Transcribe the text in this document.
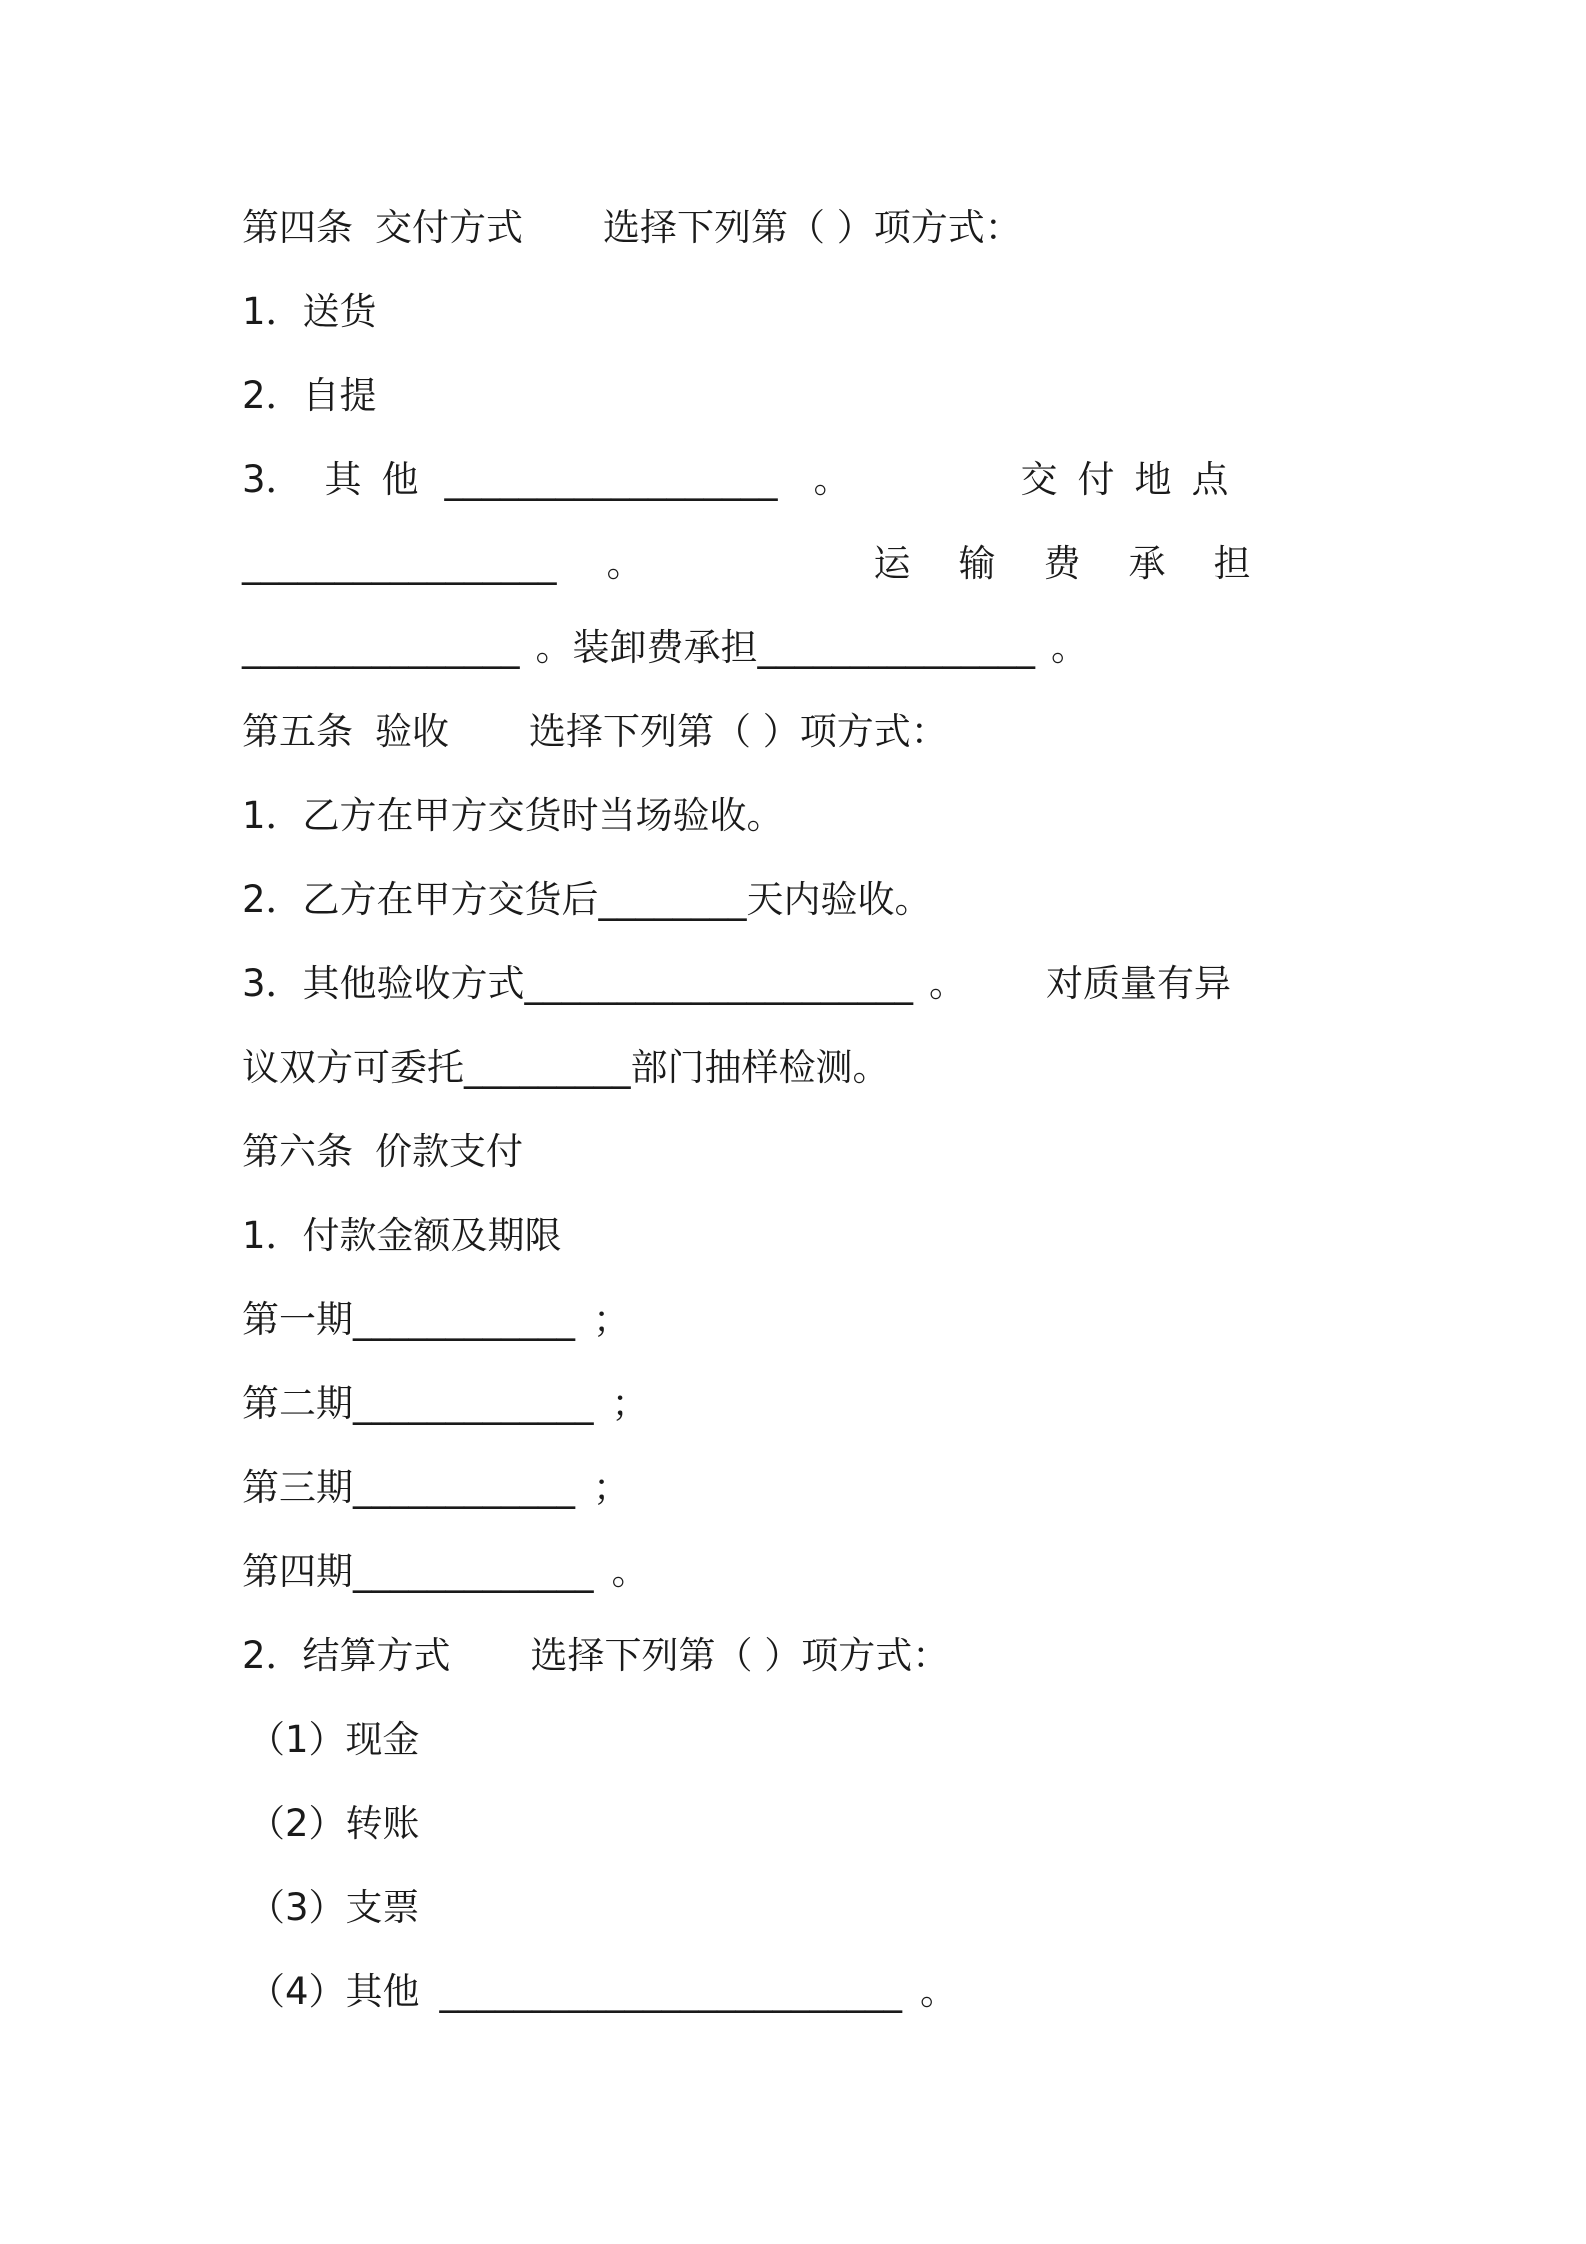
第四条 交付方式 选择下列第（ ）项方式：
1．送货
2．自提
3． 其他 __________________ 。	交付地点
_________________ 。	运输费承担
_______________ 。装卸费承担_______________ 。
第五条 验收 选择下列第（ ）项方式：
1．乙方在甲方交货时当场验收。
2．乙方在甲方交货后________天内验收。
3．其他验收方式_____________________ 。 对质量有异
议双方可委托_________部门抽样检测。
第六条 价款支付
1．付款金额及期限
第一期____________ ；
第二期_____________ ；
第三期____________ ；
第四期_____________ 。
2．结算方式 选择下列第（ ）项方式：
（1）现金
（2）转账
（3）支票
（4）其他 _________________________ 。
